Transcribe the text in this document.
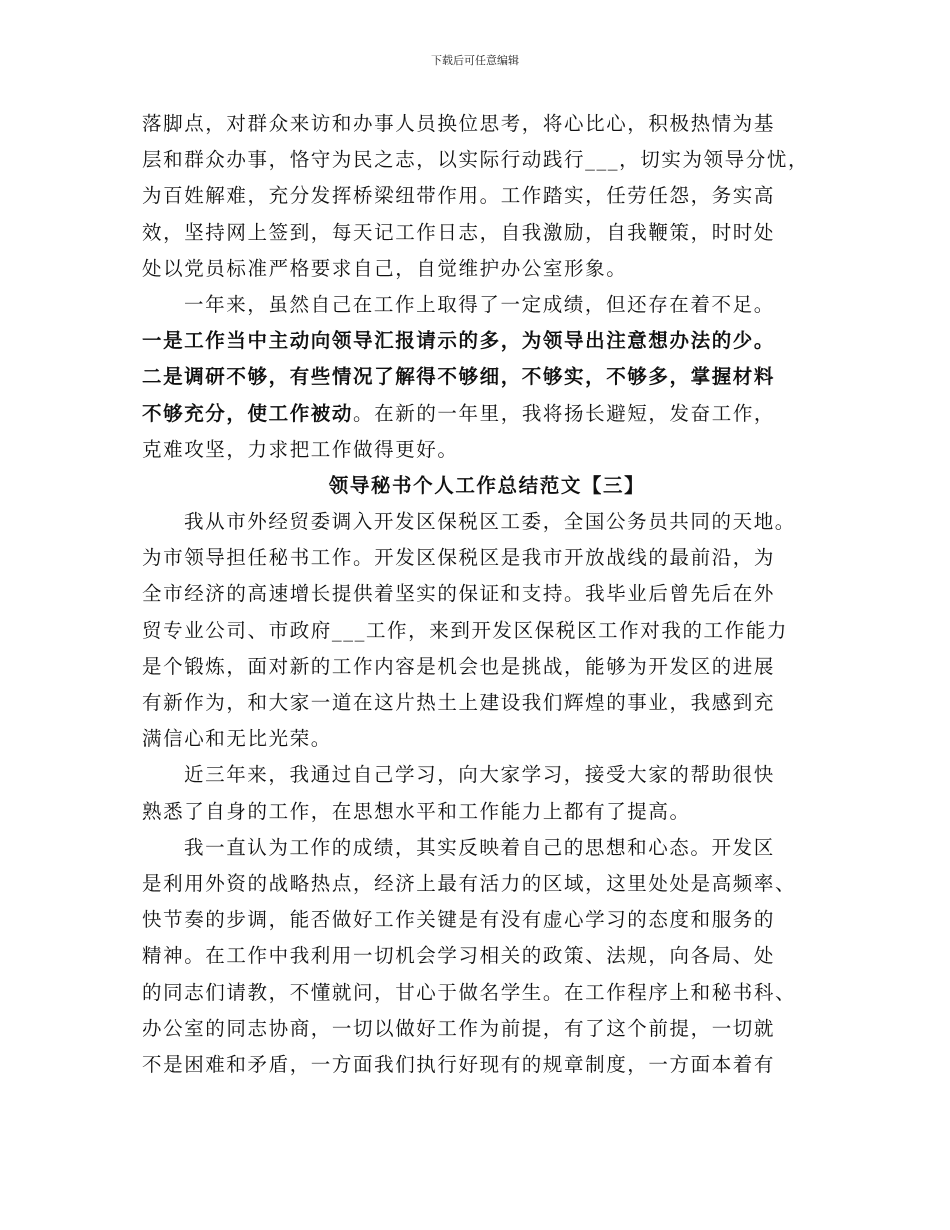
下载后可任意编辑
落脚点，对群众来访和办事人员换位思考，将心比心，积极热情为基
层和群众办事，恪守为民之志，以实际行动践行___，切实为领导分忧，
为百姓解难，充分发挥桥梁纽带作用。工作踏实，任劳任怨，务实高
效，坚持网上签到，每天记工作日志，自我激励，自我鞭策，时时处
处以党员标准严格要求自己，自觉维护办公室形象。
一年来，虽然自己在工作上取得了一定成绩，但还存在着不足。
一是工作当中主动向领导汇报请示的多，为领导出注意想办法的少。
二是调研不够，有些情况了解得不够细，不够实，不够多，掌握材料
不够充分，使工作被动。在新的一年里，我将扬长避短，发奋工作，
克难攻坚，力求把工作做得更好。
领导秘书个人工作总结范文【三】
我从市外经贸委调入开发区保税区工委，全国公务员共同的天地。
为市领导担任秘书工作。开发区保税区是我市开放战线的最前沿，为
全市经济的高速增长提供着坚实的保证和支持。我毕业后曾先后在外
贸专业公司、市政府___工作，来到开发区保税区工作对我的工作能力
是个锻炼，面对新的工作内容是机会也是挑战，能够为开发区的进展
有新作为，和大家一道在这片热土上建设我们辉煌的事业，我感到充
满信心和无比光荣。
近三年来，我通过自己学习，向大家学习，接受大家的帮助很快
熟悉了自身的工作，在思想水平和工作能力上都有了提高。
我一直认为工作的成绩，其实反映着自己的思想和心态。开发区
是利用外资的战略热点，经济上最有活力的区域，这里处处是高频率、
快节奏的步调，能否做好工作关键是有没有虚心学习的态度和服务的
精神。在工作中我利用一切机会学习相关的政策、法规，向各局、处
的同志们请教，不懂就问，甘心于做名学生。在工作程序上和秘书科、
办公室的同志协商，一切以做好工作为前提，有了这个前提，一切就
不是困难和矛盾，一方面我们执行好现有的规章制度，一方面本着有
